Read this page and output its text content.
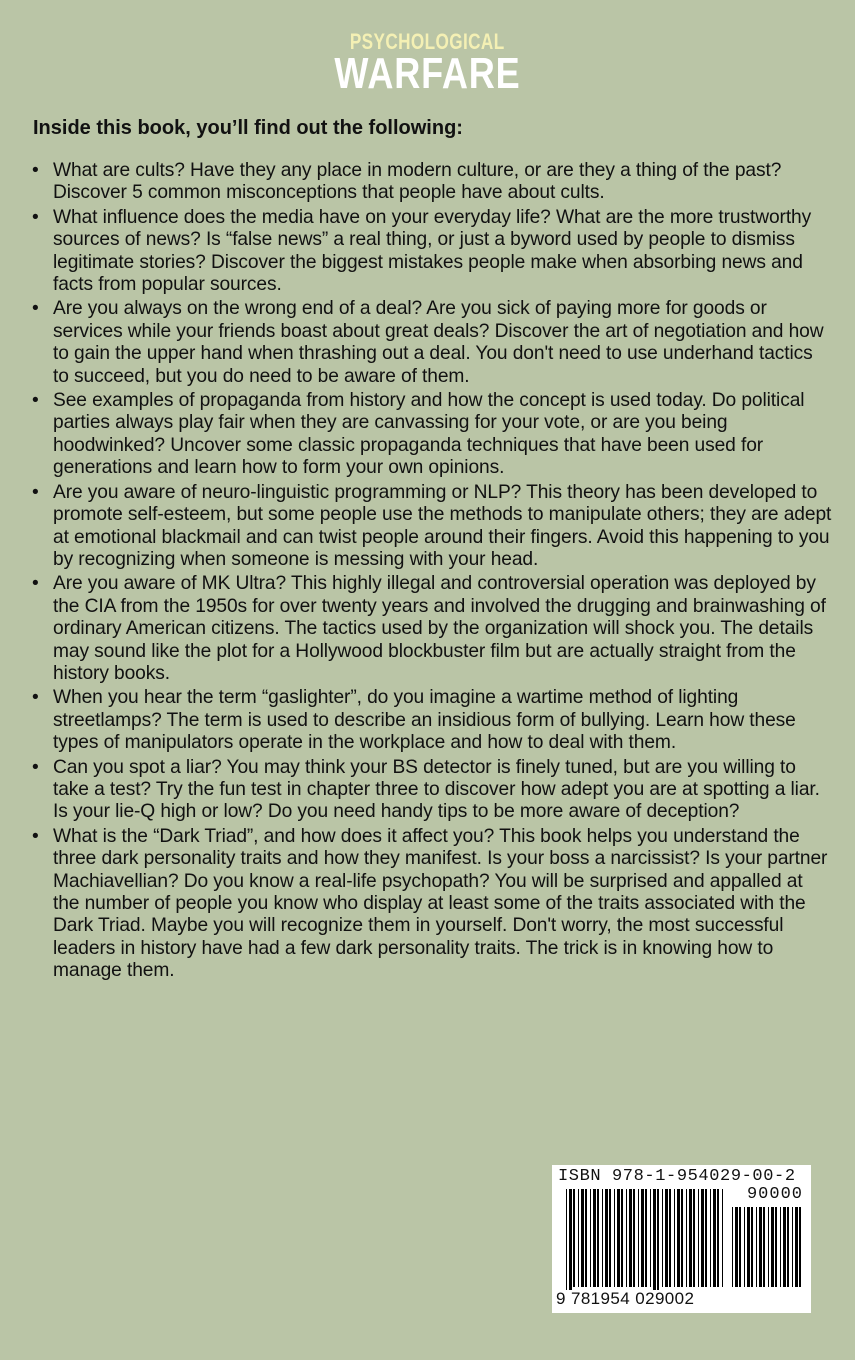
PSYCHOLOGICAL
WARFARE

Inside this book, you’ll find out the following:

• What are cults? Have they any place in modern culture, or are they a thing of the past? Discover 5 common misconceptions that people have about cults.
• What influence does the media have on your everyday life? What are the more trustworthy sources of news? Is “false news” a real thing, or just a byword used by people to dismiss legitimate stories? Discover the biggest mistakes people make when absorbing news and facts from popular sources.
• Are you always on the wrong end of a deal? Are you sick of paying more for goods or services while your friends boast about great deals? Discover the art of negotiation and how to gain the upper hand when thrashing out a deal. You don't need to use underhand tactics to succeed, but you do need to be aware of them.
• See examples of propaganda from history and how the concept is used today. Do political parties always play fair when they are canvassing for your vote, or are you being hoodwinked? Uncover some classic propaganda techniques that have been used for generations and learn how to form your own opinions.
• Are you aware of neuro-linguistic programming or NLP? This theory has been developed to promote self-esteem, but some people use the methods to manipulate others; they are adept at emotional blackmail and can twist people around their fingers. Avoid this happening to you by recognizing when someone is messing with your head.
• Are you aware of MK Ultra? This highly illegal and controversial operation was deployed by the CIA from the 1950s for over twenty years and involved the drugging and brainwashing of ordinary American citizens. The tactics used by the organization will shock you. The details may sound like the plot for a Hollywood blockbuster film but are actually straight from the history books.
• When you hear the term “gaslighter”, do you imagine a wartime method of lighting streetlamps? The term is used to describe an insidious form of bullying. Learn how these types of manipulators operate in the workplace and how to deal with them.
• Can you spot a liar? You may think your BS detector is finely tuned, but are you willing to take a test? Try the fun test in chapter three to discover how adept you are at spotting a liar. Is your lie-Q high or low? Do you need handy tips to be more aware of deception?
• What is the “Dark Triad”, and how does it affect you? This book helps you understand the three dark personality traits and how they manifest. Is your boss a narcissist? Is your partner Machiavellian? Do you know a real-life psychopath? You will be surprised and appalled at the number of people you know who display at least some of the traits associated with the Dark Triad. Maybe you will recognize them in yourself. Don't worry, the most successful leaders in history have had a few dark personality traits. The trick is in knowing how to manage them.
ISBN 978-1-954029-00-2
90000
9 781954 029002
